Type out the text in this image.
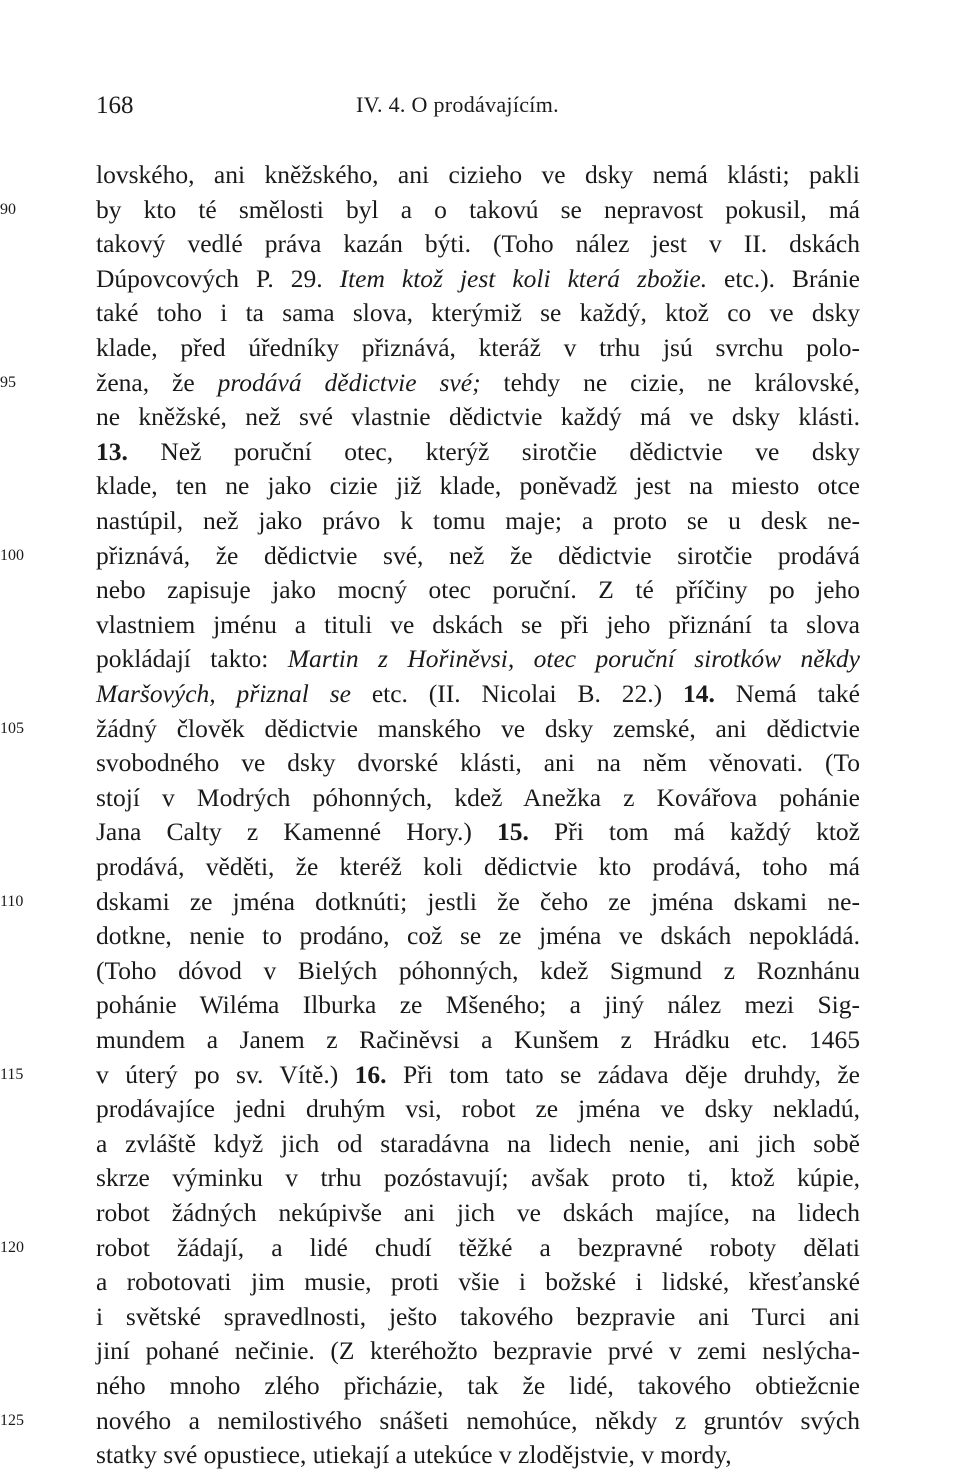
168	IV. 4. O prodávajícím.
lovského, ani kněžského, ani cizieho ve dsky nemá klásti; pakli
90	by kto té smělosti byl a o takovú se nepravost pokusil, má
takový vedlé práva kazán býti. (Toho nález jest v II. dskách
Dúpovcových P. 29. Item ktož jest koli která zbožie. etc.). Bránie
také toho i ta sama slova, kterýmiž se každý, ktož co ve dsky
klade, před úředníky přiznává, kteráž v trhu jsú svrchu polo-
95	žena, že prodává dědictvie své; tehdy ne cizie, ne královské,
ne kněžské, než své vlastnie dědictvie každý má ve dsky klásti.
13. Než poruční otec, kterýž sirotčie dědictvie ve dsky
klade, ten ne jako cizie již klade, poněvadž jest na miesto otce
nastúpil, než jako právo k tomu maje; a proto se u desk ne-
100	přiznává, že dědictvie své, než že dědictvie sirotčie prodává
nebo zapisuje jako mocný otec poruční. Z té příčiny po jeho
vlastniem jménu a tituli ve dskách se při jeho přiznání ta slova
pokládají takto: Martin z Hořiněvsi, otec poruční sirotków někdy
Maršových, přiznal se etc. (II. Nicolai B. 22.) 14. Nemá také
105	žádný člověk dědictvie manského ve dsky zemské, ani dědictvie
svobodného ve dsky dvorské klásti, ani na něm věnovati. (To
stojí v Modrých póhonných, kdež Anežka z Kovářova pohánie
Jana Calty z Kamenné Hory.) 15. Při tom má každý ktož
prodává, věděti, že kteréž koli dědictvie kto prodává, toho má
110	dskami ze jména dotknúti; jestli že čeho ze jména dskami ne-
dotkne, nenie to prodáno, což se ze jména ve dskách nepokládá.
(Toho dóvod v Bielých póhonných, kdež Sigmund z Roznhánu
pohánie Wiléma Ilburka ze Mšeného; a jiný nález mezi Sig-
mundem a Janem z Račiněvsi a Kunšem z Hrádku etc. 1465
115	v úterý po sv. Vítě.) 16. Při tom tato se zádava děje druhdy, že
prodávajíce jedni druhým vsi, robot ze jména ve dsky nekladú,
a zvláště když jich od staradávna na lidech nenie, ani jich sobě
skrze výminku v trhu pozóstavují; avšak proto ti, ktož kúpie,
robot žádných nekúpivše ani jich ve dskách majíce, na lidech
120	robot žádají, a lidé chudí těžké a bezpravné roboty dělati
a robotovati jim musie, proti všie i božské i lidské, křesťanské
i světské spravedlnosti, ješto takového bezpravie ani Turci ani
jiní pohané nečinie. (Z kteréhožto bezpravie prvé v zemi neslýcha-
ného mnoho zlého přicházie, tak že lidé, takového obtiežcnie
125	nového a nemilostivého snášeti nemohúce, někdy z gruntóv svých
statky své opustiece, utiekají a utekúce v zlodějstvie, v mordy,
